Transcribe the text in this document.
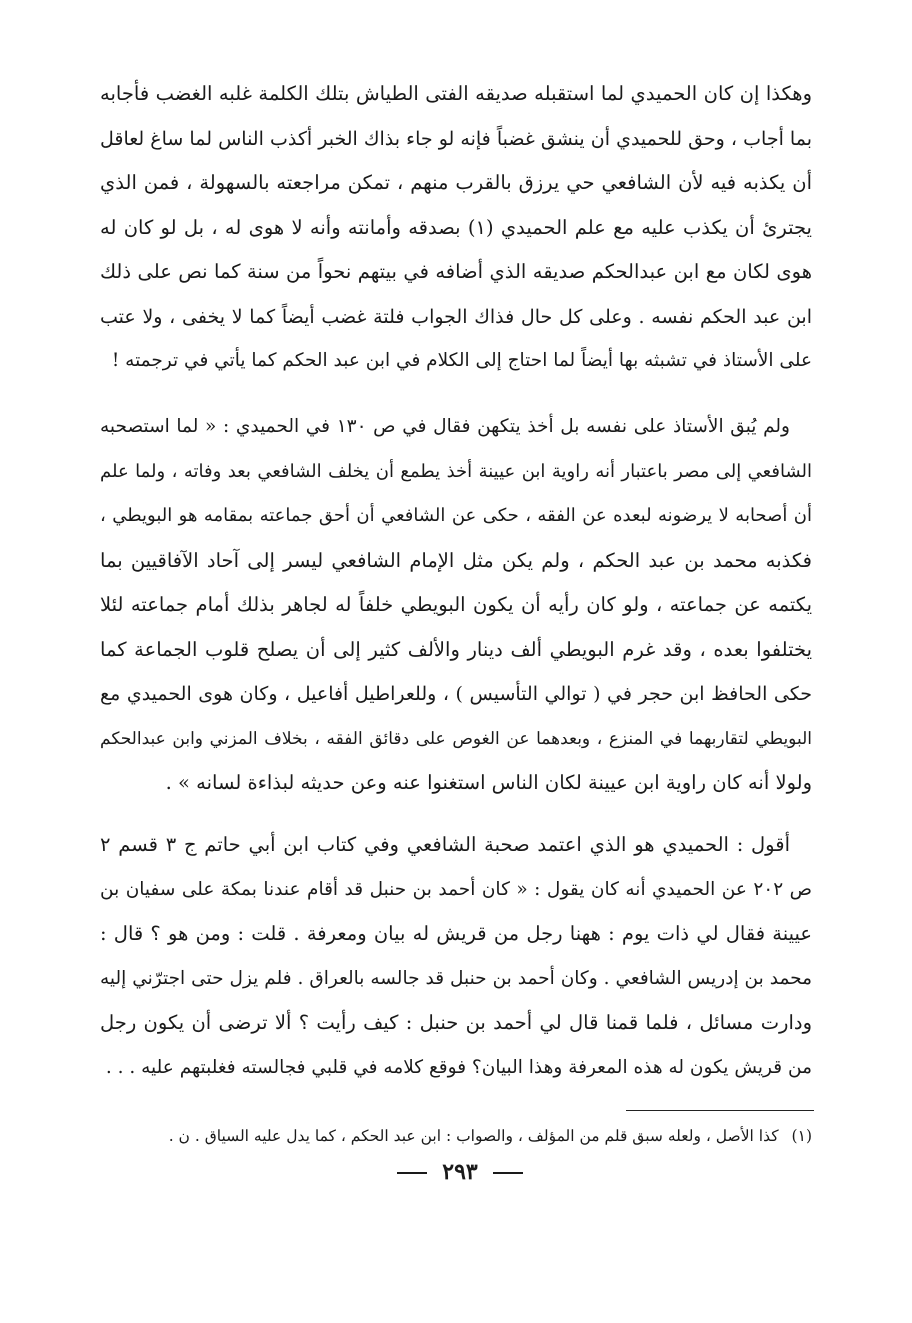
وهكذا إن كان الحميدي لما استقبله صديقه الفتى الطياش بتلك الكلمة غلبه الغضب فأجابه
بما أجاب ، وحق للحميدي أن ينشق غضباً فإنه لو جاء بذاك الخبر أكذب الناس لما ساغ لعاقل
أن يكذبه فيه لأن الشافعي حي يرزق بالقرب منهم ، تمكن مراجعته بالسهولة ، فمن الذي
يجترئ أن يكذب عليه مع علم الحميدي (١) بصدقه وأمانته وأنه لا هوى له ، بل لو كان له
هوى لكان مع ابن عبدالحكم صديقه الذي أضافه في بيتهم نحواً من سنة كما نص على ذلك
ابن عبد الحكم نفسه . وعلى كل حال فذاك الجواب فلتة غضب أيضاً كما لا يخفى ، ولا عتب
على الأستاذ في تشبثه بها أيضاً لما احتاج إلى الكلام في ابن عبد الحكم كما يأتي في ترجمته !
ولم يُبق الأستاذ على نفسه بل أخذ يتكهن فقال في ص ١٣٠ في الحميدي : « لما استصحبه
الشافعي إلى مصر باعتبار أنه راوية ابن عيينة أخذ يطمع أن يخلف الشافعي بعد وفاته ، ولما علم
أن أصحابه لا يرضونه لبعده عن الفقه ، حكى عن الشافعي أن أحق جماعته بمقامه هو البويطي ،
فكذبه محمد بن عبد الحكم ، ولم يكن مثل الإمام الشافعي ليسر إلى آحاد الآفاقيين بما
يكتمه عن جماعته ، ولو كان رأيه أن يكون البويطي خلفاً له لجاهر بذلك أمام جماعته لئلا
يختلفوا بعده ، وقد غرم البويطي ألف دينار والألف كثير إلى أن يصلح قلوب الجماعة كما
حكى الحافظ ابن حجر في ( توالي التأسيس ) ، وللعراطيل أفاعيل ، وكان هوى الحميدي مع
البويطي لتقاربهما في المنزع ، وبعدهما عن الغوص على دقائق الفقه ، بخلاف المزني وابن عبدالحكم
ولولا أنه كان راوية ابن عيينة لكان الناس استغنوا عنه وعن حديثه لبذاءة لسانه » .
أقول : الحميدي هو الذي اعتمد صحبة الشافعي وفي كتاب ابن أبي حاتم ج ٣ قسم ٢
ص ٢٠٢ عن الحميدي أنه كان يقول : « كان أحمد بن حنبل قد أقام عندنا بمكة على سفيان بن
عيينة فقال لي ذات يوم : ههنا رجل من قريش له بيان ومعرفة . قلت : ومن هو ؟ قال :
محمد بن إدريس الشافعي . وكان أحمد بن حنبل قد جالسه بالعراق . فلم يزل حتى اجترّني إليه
ودارت مسائل ، فلما قمنا قال لي أحمد بن حنبل : كيف رأيت ؟ ألا ترضى أن يكون رجل
من قريش يكون له هذه المعرفة وهذا البيان؟ فوقع كلامه في قلبي فجالسته فغلبتهم عليه . . .
(١) كذا الأصل ، ولعله سبق قلم من المؤلف ، والصواب : ابن عبد الحكم ، كما يدل عليه السياق . ن .
٢٩٣
